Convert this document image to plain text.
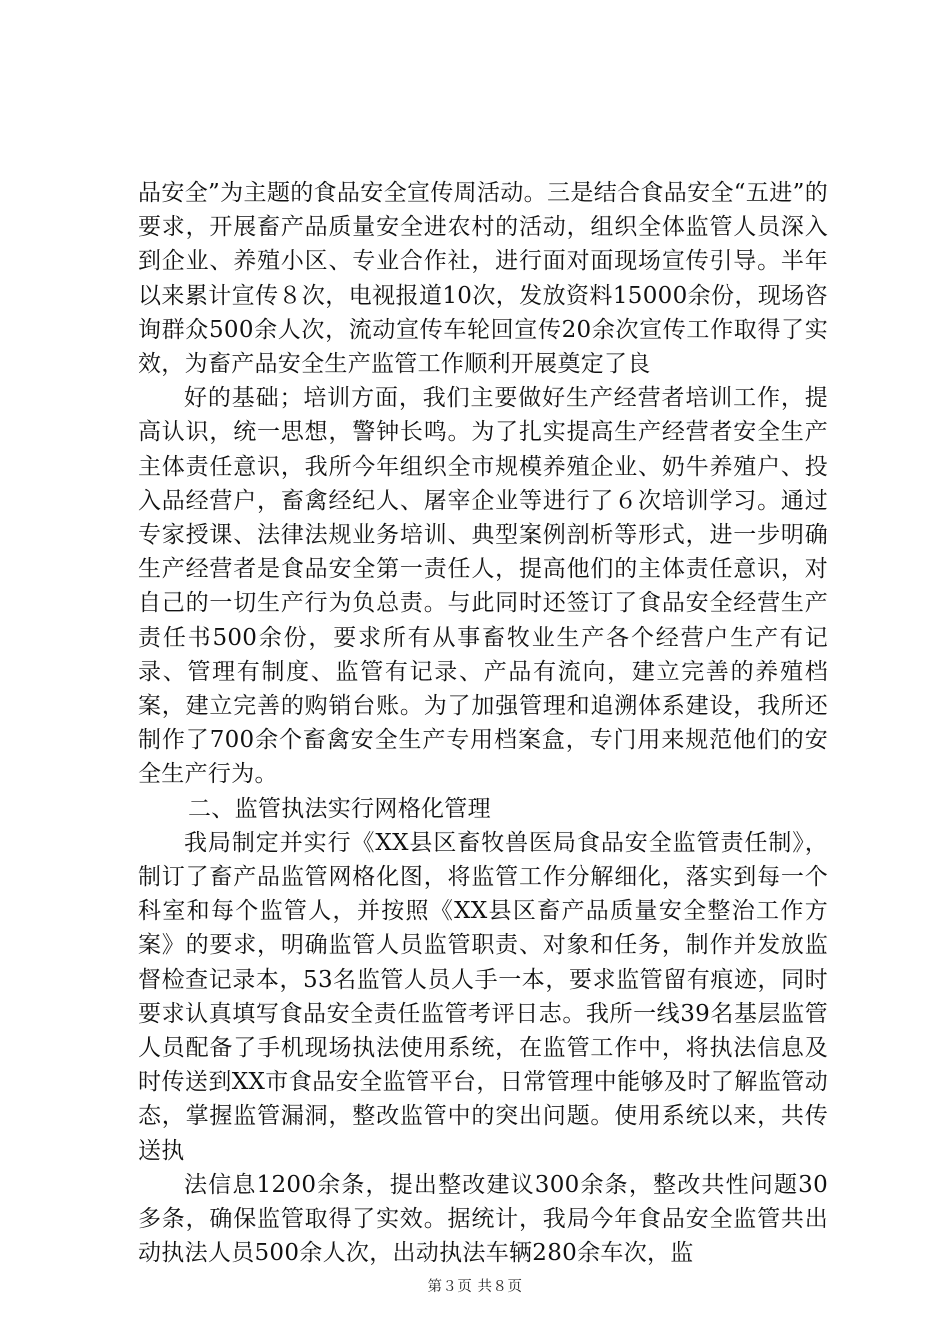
品安全”为主题的食品安全宣传周活动。三是结合食品安全“五进”的要求，开展畜产品质量安全进农村的活动，组织全体监管人员深入到企业、养殖小区、专业合作社，进行面对面现场宣传引导。半年以来累计宣传８次，电视报道10次，发放资料15000余份，现场咨询群众500余人次，流动宣传车轮回宣传20余次宣传工作取得了实效，为畜产品安全生产监管工作顺利开展奠定了良

好的基础；培训方面，我们主要做好生产经营者培训工作，提高认识，统一思想，警钟长鸣。为了扎实提高生产经营者安全生产主体责任意识，我所今年组织全市规模养殖企业、奶牛养殖户、投入品经营户，畜禽经纪人、屠宰企业等进行了６次培训学习。通过专家授课、法律法规业务培训、典型案例剖析等形式，进一步明确生产经营者是食品安全第一责任人，提高他们的主体责任意识，对自己的一切生产行为负总责。与此同时还签订了食品安全经营生产责任书500余份，要求所有从事畜牧业生产各个经营户生产有记录、管理有制度、监管有记录、产品有流向，建立完善的养殖档案，建立完善的购销台账。为了加强管理和追溯体系建设，我所还制作了700余个畜禽安全生产专用档案盒，专门用来规范他们的安全生产行为。

二、监管执法实行网格化管理

我局制定并实行《XX县区畜牧兽医局食品安全监管责任制》，制订了畜产品监管网格化图，将监管工作分解细化，落实到每一个科室和每个监管人，并按照《XX县区畜产品质量安全整治工作方案》的要求，明确监管人员监管职责、对象和任务，制作并发放监督检查记录本，53名监管人员人手一本，要求监管留有痕迹，同时要求认真填写食品安全责任监管考评日志。我所一线39名基层监管人员配备了手机现场执法使用系统，在监管工作中，将执法信息及时传送到XX市食品安全监管平台，日常管理中能够及时了解监管动态，掌握监管漏洞，整改监管中的突出问题。使用系统以来，共传送执

法信息1200余条，提出整改建议300余条，整改共性问题30多条，确保监管取得了实效。据统计，我局今年食品安全监管共出动执法人员500余人次，出动执法车辆280余车次，监

第３页 共８页
